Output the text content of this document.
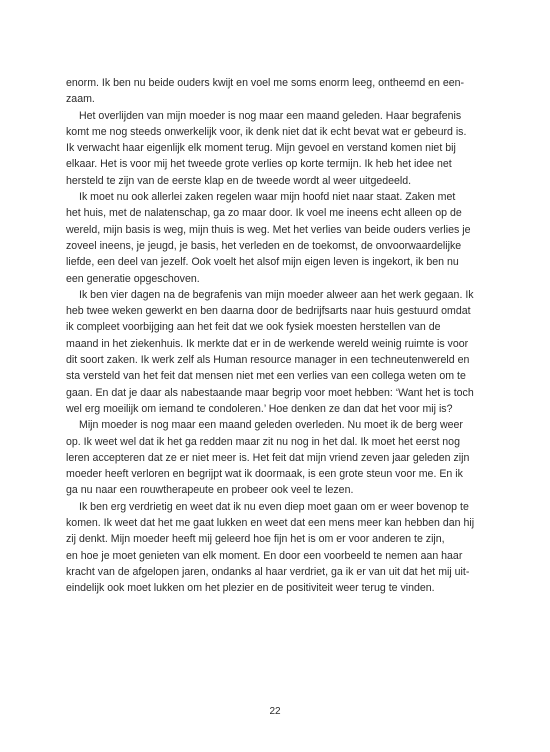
enorm. Ik ben nu beide ouders kwijt en voel me soms enorm leeg, ontheemd en een-
zaam.
Het overlijden van mijn moeder is nog maar een maand geleden. Haar begrafenis
komt me nog steeds onwerkelijk voor, ik denk niet dat ik echt bevat wat er gebeurd is.
Ik verwacht haar eigenlijk elk moment terug. Mijn gevoel en verstand komen niet bij
elkaar. Het is voor mij het tweede grote verlies op korte termijn. Ik heb het idee net
hersteld te zijn van de eerste klap en de tweede wordt al weer uitgedeeld.
Ik moet nu ook allerlei zaken regelen waar mijn hoofd niet naar staat. Zaken met
het huis, met de nalatenschap, ga zo maar door. Ik voel me ineens echt alleen op de
wereld, mijn basis is weg, mijn thuis is weg. Met het verlies van beide ouders verlies je
zoveel ineens, je jeugd, je basis, het verleden en de toekomst, de onvoorwaardelijke
liefde, een deel van jezelf. Ook voelt het alsof mijn eigen leven is ingekort, ik ben nu
een generatie opgeschoven.
Ik ben vier dagen na de begrafenis van mijn moeder alweer aan het werk gegaan. Ik
heb twee weken gewerkt en ben daarna door de bedrijfsarts naar huis gestuurd omdat
ik compleet voorbijging aan het feit dat we ook fysiek moesten herstellen van de
maand in het ziekenhuis. Ik merkte dat er in de werkende wereld weinig ruimte is voor
dit soort zaken. Ik werk zelf als Human resource manager in een techneutenwereld en
sta versteld van het feit dat mensen niet met een verlies van een collega weten om te
gaan. En dat je daar als nabestaande maar begrip voor moet hebben: ‘Want het is toch
wel erg moeilijk om iemand te condoleren.’ Hoe denken ze dan dat het voor mij is?
Mijn moeder is nog maar een maand geleden overleden. Nu moet ik de berg weer
op. Ik weet wel dat ik het ga redden maar zit nu nog in het dal. Ik moet het eerst nog
leren accepteren dat ze er niet meer is. Het feit dat mijn vriend zeven jaar geleden zijn
moeder heeft verloren en begrijpt wat ik doormaak, is een grote steun voor me. En ik
ga nu naar een rouwtherapeute en probeer ook veel te lezen.
Ik ben erg verdrietig en weet dat ik nu even diep moet gaan om er weer bovenop te
komen. Ik weet dat het me gaat lukken en weet dat een mens meer kan hebben dan hij
zij denkt. Mijn moeder heeft mij geleerd hoe fijn het is om er voor anderen te zijn,
en hoe je moet genieten van elk moment. En door een voorbeeld te nemen aan haar
kracht van de afgelopen jaren, ondanks al haar verdriet, ga ik er van uit dat het mij uit-
eindelijk ook moet lukken om het plezier en de positiviteit weer terug te vinden.
22
